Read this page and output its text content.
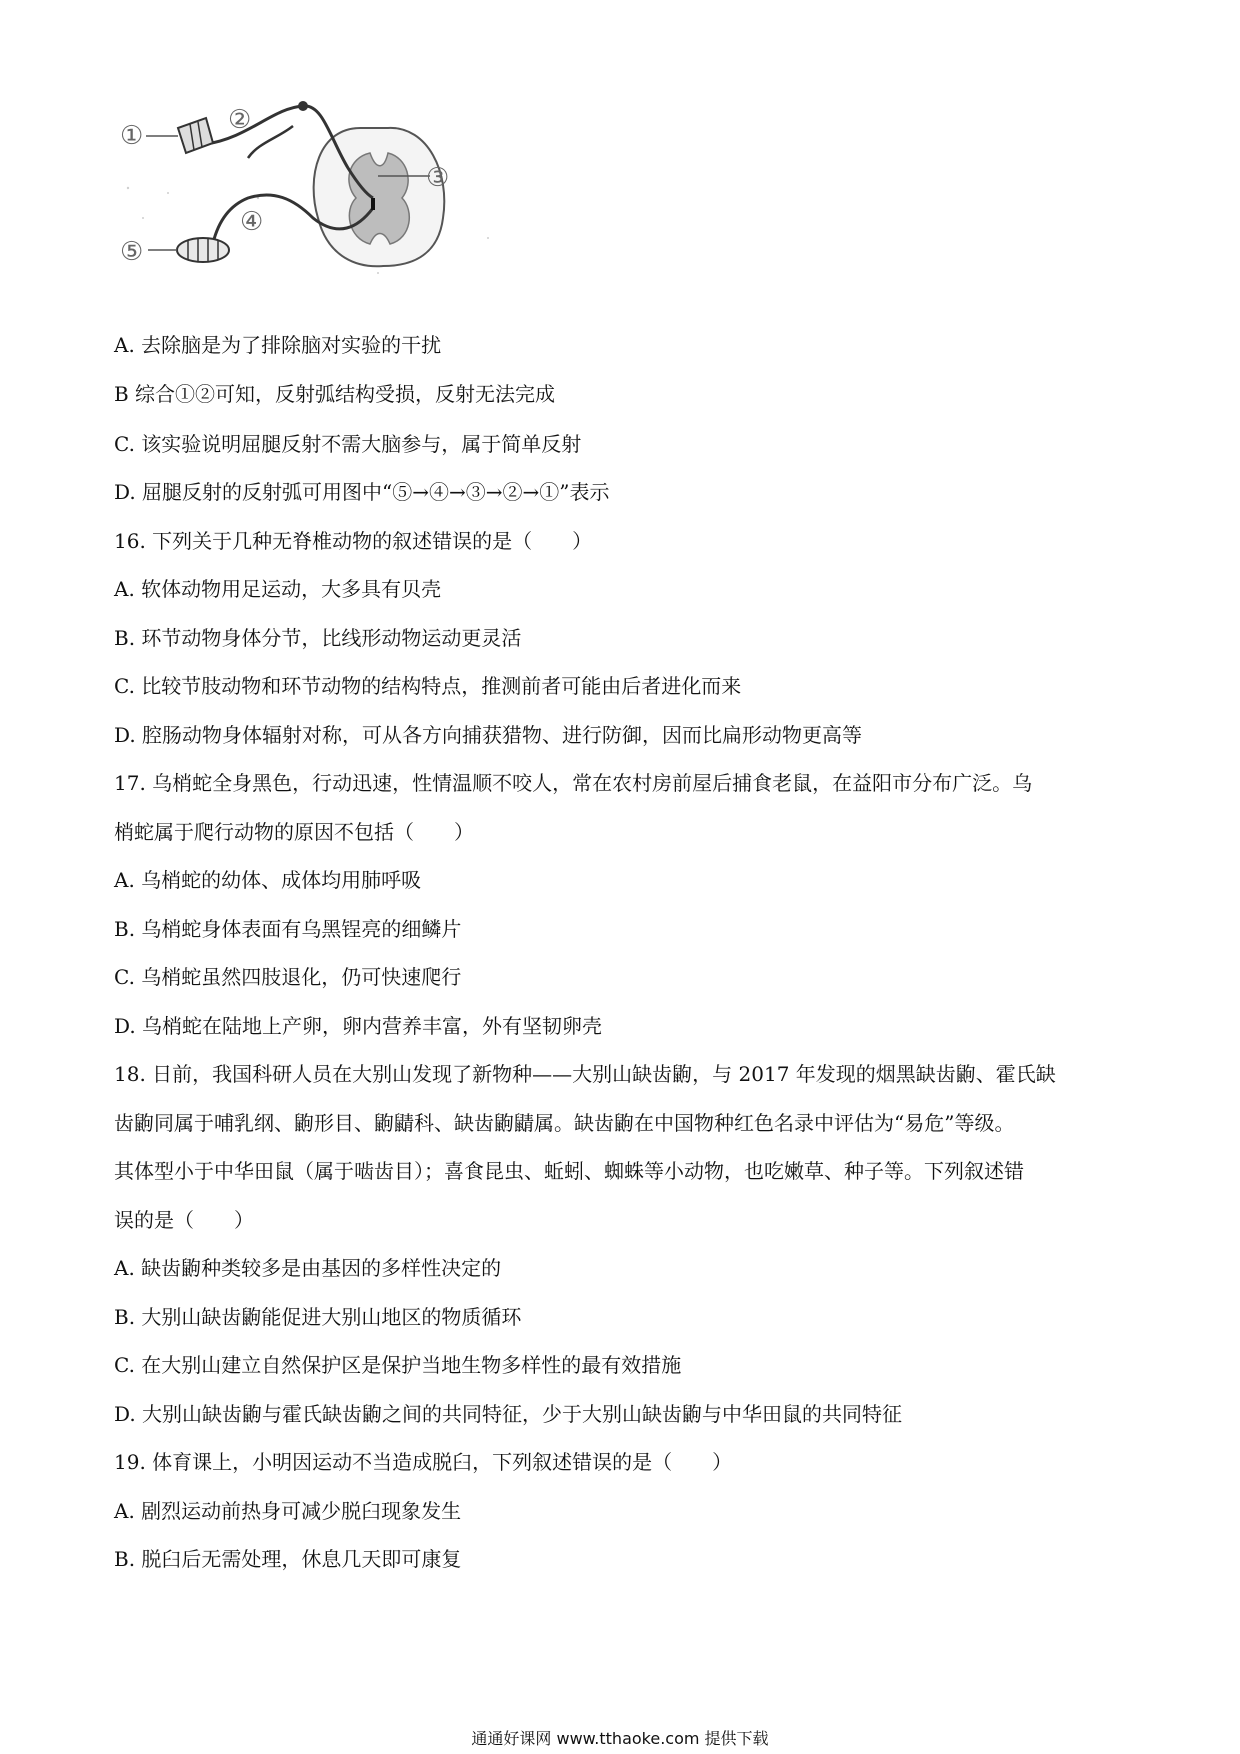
①
②
③
④
⑤
A. 去除脑是为了排除脑对实验的干扰
B 综合①②可知，反射弧结构受损，反射无法完成
C. 该实验说明屈腿反射不需大脑参与，属于简单反射
D. 屈腿反射的反射弧可用图中“⑤→④→③→②→①”表示
16. 下列关于几种无脊椎动物的叙述错误的是（　　）
A. 软体动物用足运动，大多具有贝壳
B. 环节动物身体分节，比线形动物运动更灵活
C. 比较节肢动物和环节动物的结构特点，推测前者可能由后者进化而来
D. 腔肠动物身体辐射对称，可从各方向捕获猎物、进行防御，因而比扁形动物更高等
17. 乌梢蛇全身黑色，行动迅速，性情温顺不咬人，常在农村房前屋后捕食老鼠，在益阳市分布广泛。乌
梢蛇属于爬行动物的原因不包括（　　）
A. 乌梢蛇的幼体、成体均用肺呼吸
B. 乌梢蛇身体表面有乌黑锃亮的细鳞片
C. 乌梢蛇虽然四肢退化，仍可快速爬行
D. 乌梢蛇在陆地上产卵，卵内营养丰富，外有坚韧卵壳
18. 日前，我国科研人员在大别山发现了新物种——大别山缺齿鼩，与 2017 年发现的烟黑缺齿鼩、霍氏缺
齿鼩同属于哺乳纲、鼩形目、鼩鼱科、缺齿鼩鼱属。缺齿鼩在中国物种红色名录中评估为“易危”等级。
其体型小于中华田鼠（属于啮齿目）；喜食昆虫、蚯蚓、蜘蛛等小动物，也吃嫩草、种子等。下列叙述错
误的是（　　）
A. 缺齿鼩种类较多是由基因的多样性决定的
B. 大别山缺齿鼩能促进大别山地区的物质循环
C. 在大别山建立自然保护区是保护当地生物多样性的最有效措施
D. 大别山缺齿鼩与霍氏缺齿鼩之间的共同特征，少于大别山缺齿鼩与中华田鼠的共同特征
19. 体育课上，小明因运动不当造成脱臼，下列叙述错误的是（　　）
A. 剧烈运动前热身可减少脱臼现象发生
B. 脱臼后无需处理，休息几天即可康复
通通好课网 www.tthaoke.com 提供下载
